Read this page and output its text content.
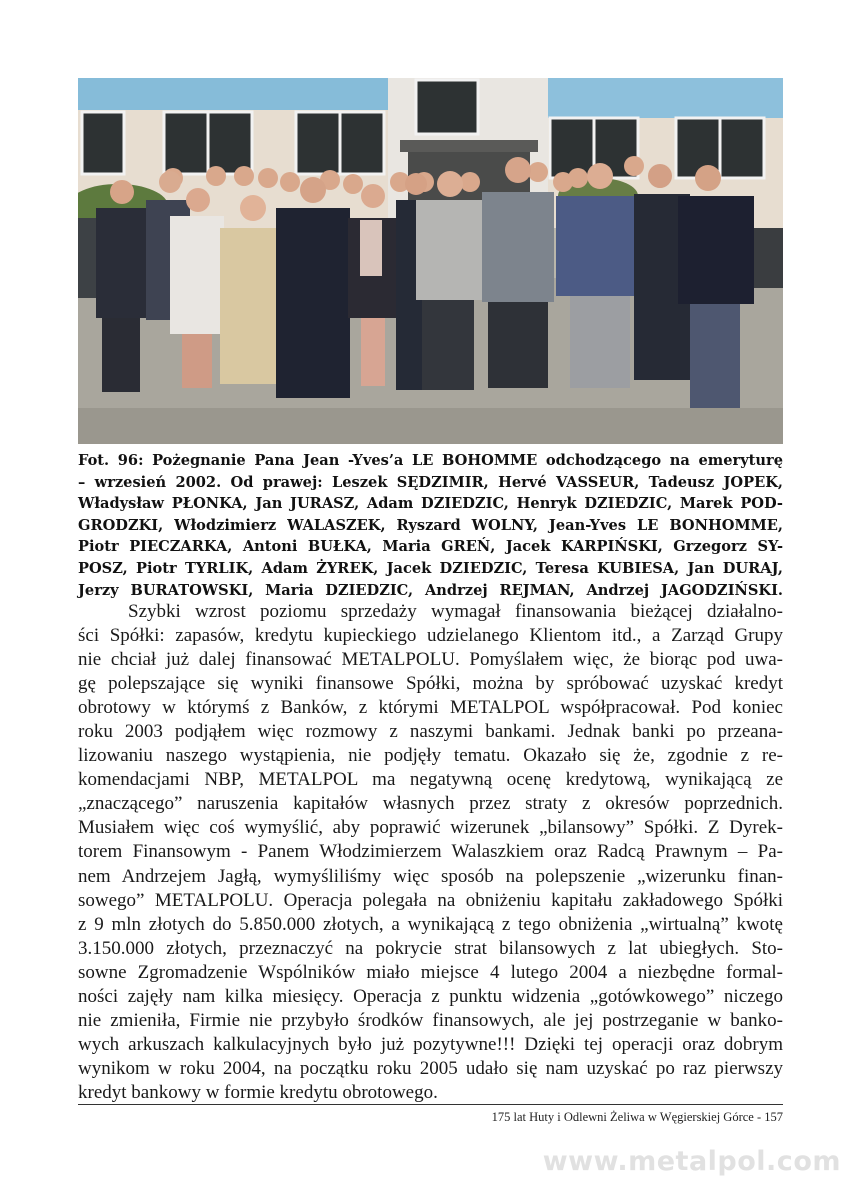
Fot. 96: Pożegnanie Pana Jean -Yves’a LE BOHOMME odchodzącego na emeryturę
– wrzesień 2002. Od prawej: Leszek SĘDZIMIR, Hervé VASSEUR, Tadeusz JOPEK,
Władysław PŁONKA, Jan JURASZ, Adam DZIEDZIC, Henryk DZIEDZIC, Marek POD-
GRODZKI, Włodzimierz WALASZEK, Ryszard WOLNY, Jean-Yves LE BONHOMME,
Piotr PIECZARKA, Antoni BUŁKA, Maria GREŃ, Jacek KARPIŃSKI, Grzegorz SY-
POSZ, Piotr TYRLIK, Adam ŻYREK, Jacek DZIEDZIC, Teresa KUBIESA, Jan DURAJ,
Jerzy BURATOWSKI, Maria DZIEDZIC, Andrzej REJMAN, Andrzej JAGODZIŃSKI.
Szybki wzrost poziomu sprzedaży wymagał finansowania bieżącej działalno-
ści Spółki: zapasów, kredytu kupieckiego udzielanego Klientom itd., a Zarząd Grupy
nie chciał już dalej finansować METALPOLU. Pomyślałem więc, że biorąc pod uwa-
gę polepszające się wyniki finansowe Spółki, można by spróbować uzyskać kredyt
obrotowy w którymś z Banków, z którymi METALPOL współpracował. Pod koniec
roku 2003 podjąłem więc rozmowy z naszymi bankami. Jednak banki po przeana-
lizowaniu naszego wystąpienia, nie podjęły tematu. Okazało się że, zgodnie z re-
komendacjami NBP, METALPOL ma negatywną ocenę kredytową, wynikającą ze
„znaczącego” naruszenia kapitałów własnych przez straty z okresów poprzednich.
Musiałem więc coś wymyślić, aby poprawić wizerunek „bilansowy” Spółki. Z Dyrek-
torem Finansowym - Panem Włodzimierzem Walaszkiem oraz Radcą Prawnym – Pa-
nem Andrzejem Jagłą, wymyśliliśmy więc sposób na polepszenie „wizerunku finan-
sowego” METALPOLU. Operacja polegała na obniżeniu kapitału zakładowego Spółki
z 9 mln złotych do 5.850.000 złotych, a wynikającą z tego obniżenia „wirtualną” kwotę
3.150.000 złotych, przeznaczyć na pokrycie strat bilansowych z lat ubiegłych. Sto-
sowne Zgromadzenie Wspólników miało miejsce 4 lutego 2004 a niezbędne formal-
ności zajęły nam kilka miesięcy. Operacja z punktu widzenia „gotówkowego” niczego
nie zmieniła, Firmie nie przybyło środków finansowych, ale jej postrzeganie w banko-
wych arkuszach kalkulacyjnych było już pozytywne!!! Dzięki tej operacji oraz dobrym
wynikom w roku 2004, na początku roku 2005 udało się nam uzyskać po raz pierwszy
kredyt bankowy w formie kredytu obrotowego.
175 lat Huty i Odlewni Żeliwa w Węgierskiej Górce - 157
www.metalpol.com
